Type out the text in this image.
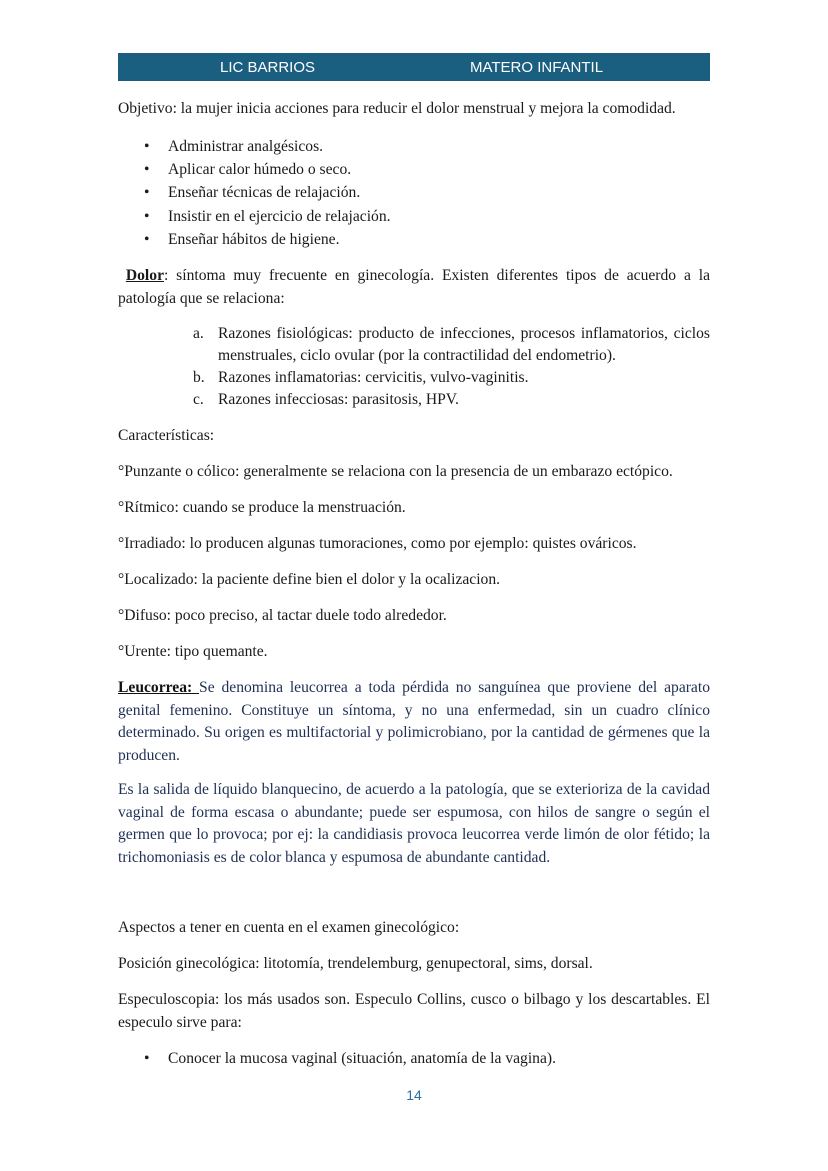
LIC BARRIOS	MATERO INFANTIL
Objetivo: la mujer inicia acciones para reducir el dolor menstrual y mejora la comodidad.
• Administrar analgésicos.
• Aplicar calor húmedo o seco.
• Enseñar técnicas de relajación.
• Insistir en el ejercicio de relajación.
• Enseñar hábitos de higiene.
Dolor: síntoma muy frecuente en ginecología. Existen diferentes tipos de acuerdo a la patología que se relaciona:
a. Razones fisiológicas: producto de infecciones, procesos inflamatorios, ciclos menstruales, ciclo ovular (por la contractilidad del endometrio).
b. Razones inflamatorias: cervicitis, vulvo-vaginitis.
c. Razones infecciosas: parasitosis, HPV.
Características:
°Punzante o cólico: generalmente se relaciona con la presencia de un embarazo ectópico.
°Rítmico: cuando se produce la menstruación.
°Irradiado: lo producen algunas tumoraciones, como por ejemplo: quistes ováricos.
°Localizado: la paciente define bien el dolor y la ocalizacion.
°Difuso: poco preciso, al tactar duele todo alrededor.
°Urente: tipo quemante.
Leucorrea: Se denomina leucorrea a toda pérdida no sanguínea que proviene del aparato genital femenino. Constituye un síntoma, y no una enfermedad, sin un cuadro clínico determinado. Su origen es multifactorial y polimicrobiano, por la cantidad de gérmenes que la producen.
Es la salida de líquido blanquecino, de acuerdo a la patología, que se exterioriza de la cavidad vaginal de forma escasa o abundante; puede ser espumosa, con hilos de sangre o según el germen que lo provoca; por ej: la candidiasis provoca leucorrea verde limón de olor fétido; la trichomoniasis es de color blanca y espumosa de abundante cantidad.
Aspectos a tener en cuenta en el examen ginecológico:
Posición ginecológica: litotomía, trendelemburg, genupectoral, sims, dorsal.
Especuloscopia: los más usados son. Especulo Collins, cusco o bilbago y los descartables. El especulo sirve para:
• Conocer la mucosa vaginal (situación, anatomía de la vagina).
14
